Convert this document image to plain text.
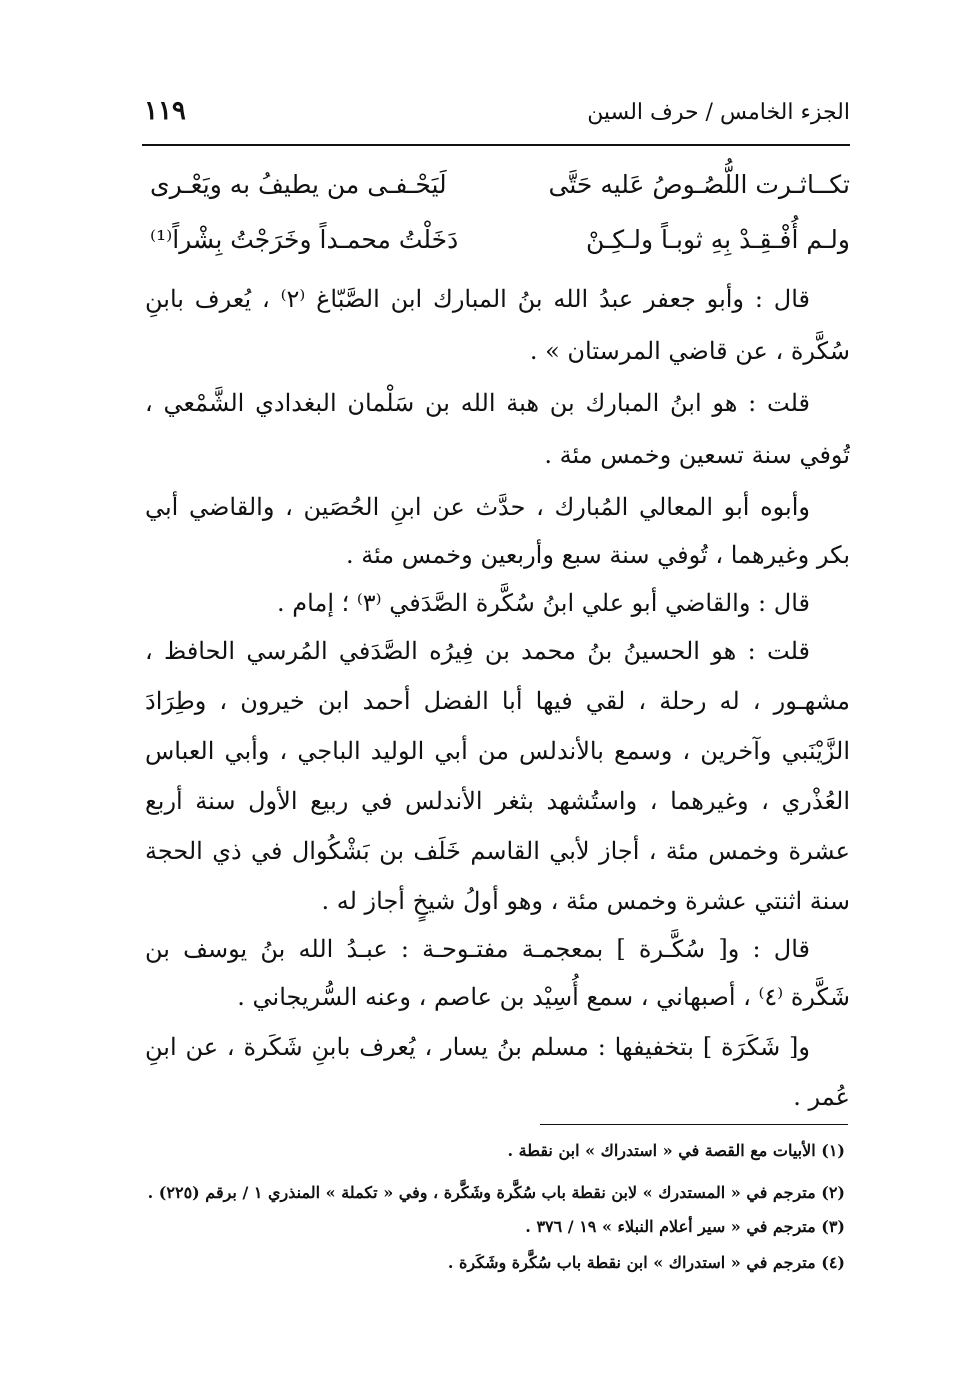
الجزء الخامس / حرف السين
١١٩
تكــاثـرت اللُّصُـوصُ عَليه حَتَّى
لَيَحْـفـى من يطيفُ به ويَعْـرى
ولـم أُفْـقِـدْ بِهِ ثوبـاً ولـكِـنْ
دَخَلْتُ محمـداً وخَرَجْتُ بِشْراً⁽¹⁾
قال : وأبو جعفر عبدُ الله بنُ المبارك ابن الصَّبّاغ ⁽٢⁾ ، يُعرف بابنِ
سُكَّرة ، عن قاضي المرستان » .
قلت : هو ابنُ المبارك بن هبة الله بن سَلْمان البغدادي الشَّمْعي ،
تُوفي سنة تسعين وخمس مئة .
وأبوه أبو المعالي المُبارك ، حدَّث عن ابنِ الحُصَين ، والقاضي أبي
بكر وغيرهما ، تُوفي سنة سبع وأربعين وخمس مئة .
قال : والقاضي أبو علي ابنُ سُكَّرة الصَّدَفي ⁽٣⁾ ؛ إمام .
قلت : هو الحسينُ بنُ محمد بن فِيرُه الصَّدَفي المُرسي الحافظ ،
مشهـور ، له رحلة ، لقي فيها أبا الفضل أحمد ابن خيرون ، وطِرَادَ
الزَّيْنَبي وآخرين ، وسمع بالأندلس من أبي الوليد الباجي ، وأبي العباس
العُذْري ، وغيرهما ، واستُشهد بثغر الأندلس في ربيع الأول سنة أربع
عشرة وخمس مئة ، أجاز لأبي القاسم خَلَف بن بَشْكُوال في ذي الحجة
سنة اثنتي عشرة وخمس مئة ، وهو أولُ شيخٍ أجاز له .
قال : و[ سُكَّـرة ] بمعجمـة مفتـوحـة : عبـدُ الله بنُ يوسف بن
شَكَّرة ⁽٤⁾ ، أصبهاني ، سمع أُسِيْد بن عاصم ، وعنه السُّريجاني .
و[ شَكَرَة ] بتخفيفها : مسلم بنُ يسار ، يُعرف بابنِ شَكَرة ، عن ابنِ
عُمر .
(١) الأبيات مع القصة في « استدراك » ابن نقطة .
(٢) مترجم في « المستدرك » لابن نقطة باب سُكَّرة وشَكَّرة ، وفي « تكملة » المنذري ١ / برقم (٢٢٥) .
(٣) مترجم في « سير أعلام النبلاء » ١٩ / ٣٧٦ .
(٤) مترجم في « استدراك » ابن نقطة باب سُكَّرة وشَكَرة .
